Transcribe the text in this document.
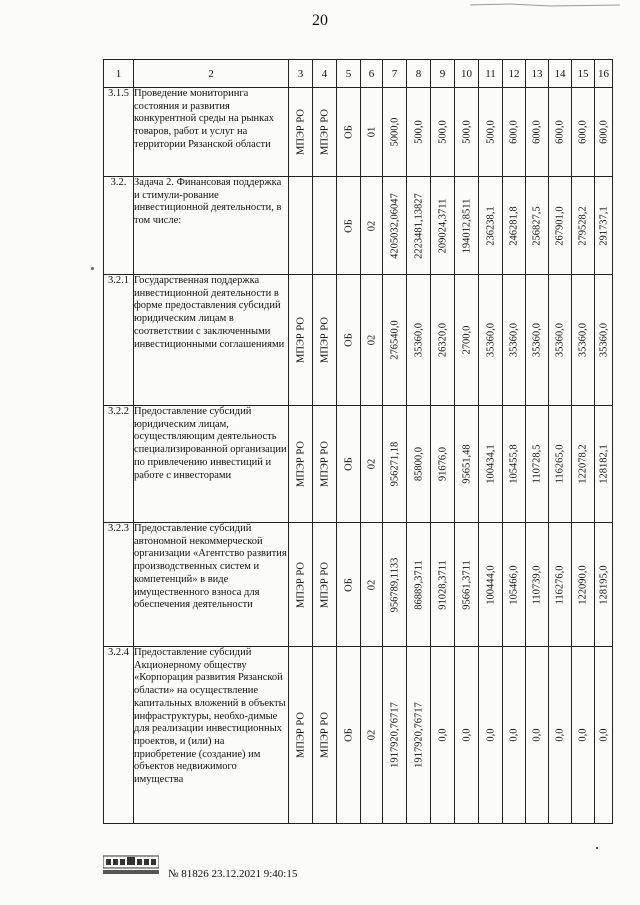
20
1	2	3	4	5	6	7	8	9	10	11	12	13	14	15	16
3.1.5	Проведение мониторинга состояния и развития конкурентной среды на рынках товаров, работ и услуг на территории Рязанской области	МПЭР РО	МПЭР РО	ОБ	01	5000,0	500,0	500,0	500,0	500,0	600,0	600,0	600,0	600,0	600,0

3.2.	Задача 2. Финансовая поддержка и стимули-рование инвестиционной деятельности, в том числе:			ОБ	02	4205032,06047	2223481,13827	209024,3711	194012,8511	236238,1	246281,8	256827,5	267901,0	279528,2	291737,1

3.2.1	Государственная поддержка инвестиционной деятельности в форме предоставления субсидий юридическим лицам в соответствии с заключенными инвестиционными соглашениями	МПЭР РО	МПЭР РО	ОБ	02	276540,0	35360,0	26320,0	2700,0	35360,0	35360,0	35360,0	35360,0	35360,0	35360,0

3.2.2	Предоставление субсидий юридическим лицам, осуществляющим деятельность специализированной организации по привлечению инвестиций и работе с инвесторами	МПЭР РО	МПЭР РО	ОБ	02	956271,18	85800,0	91676,0	95651,48	100434,1	105455,8	110728,5	116265,0	122078,2	128182,1

3.2.3	Предоставление субсидий автономной некоммерческой организации «Агентство развития производственных систем и компетенций» в виде имущественного взноса для обеспечения деятельности	МПЭР РО	МПЭР РО	ОБ	02	956789,1133	86889,3711	91028,3711	95661,3711	100444,0	105466,0	110739,0	116276,0	122090,0	128195,0

3.2.4	Предоставление субсидий Акционерному обществу «Корпорация развития Рязанской области» на осуществление капитальных вложений в объекты инфраструктуры, необхо-димые для реализации инвестиционных проектов, и (или) на приобретение (создание) им объектов недвижимого имущества	МПЭР РО	МПЭР РО	ОБ	02	1917920,76717	1917920,76717	0,0	0,0	0,0	0,0	0,0	0,0	0,0	0,0
№ 81826 23.12.2021 9:40:15
